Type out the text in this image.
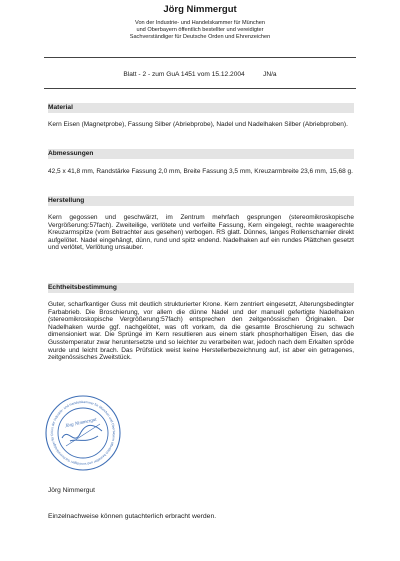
Jörg Nimmergut
Von der Industrie- und Handelskammer für München
und Oberbayern öffentlich bestellter und vereidigter
Sachverständiger für Deutsche Orden und Ehrenzeichen
Blatt - 2 - zum GuA 1451 vom 15.12.2004          JN/a
Material
Kern Eisen (Magnetprobe), Fassung Silber (Abriebprobe), Nadel und Nadelhaken Silber (Abriebproben).
Abmessungen
42,5 x 41,8 mm, Randstärke Fassung 2,0 mm, Breite Fassung 3,5 mm, Kreuzarmbreite 23,6 mm, 15,68 g.
Herstellung
Kern gegossen und geschwärzt, im Zentrum mehrfach gesprungen (stereomikroskopische Vergrößerung:57fach). Zweiteilige, verlötete und verfeilte Fassung, Kern eingelegt, rechte waagerechte Kreuzarmspitze (vom Betrachter aus gesehen) verbogen. RS glatt. Dünnes, langes Rollenscharnier direkt aufgelötet. Nadel eingehängt, dünn, rund und spitz endend. Nadelhaken auf ein rundes Plättchen gesetzt und verlötet, Verlötung unsauber.
Echtheitsbestimmung
Guter, scharfkantiger Guss mit deutlich strukturierter Krone. Kern zentriert eingesetzt, Alterungsbedingter Farbabrieb. Die Broschierung, vor allem die dünne Nadel und der manuell gefertigte Nadelhaken (stereomikroskopische Vergrößerung:57fach) entsprechen den zeitgenössischen Originalen. Der Nadelhaken wurde ggf. nachgelötet, was oft vorkam, da die gesamte Broschierung zu schwach dimensioniert war. Die Sprünge im Kern resultieren aus einem stark phosphorhaltigen Eisen, das die Gusstemperatur zwar heruntersetzte und so leichter zu verarbeiten war, jedoch nach dem Erkalten spröde wurde und leicht brach. Das Prüfstück weist keine Herstellerbezeichnung auf, ist aber ein getragenes, zeitgenössisches Zweitstück.
Von der Industrie- und Handelskammer für München und Oberbayern öffentlich bestellter und vereidigter Sachverständiger für D
Jörg Nimmergut
Jörg Nimmergut
Einzelnachweise können gutachterlich erbracht werden.
